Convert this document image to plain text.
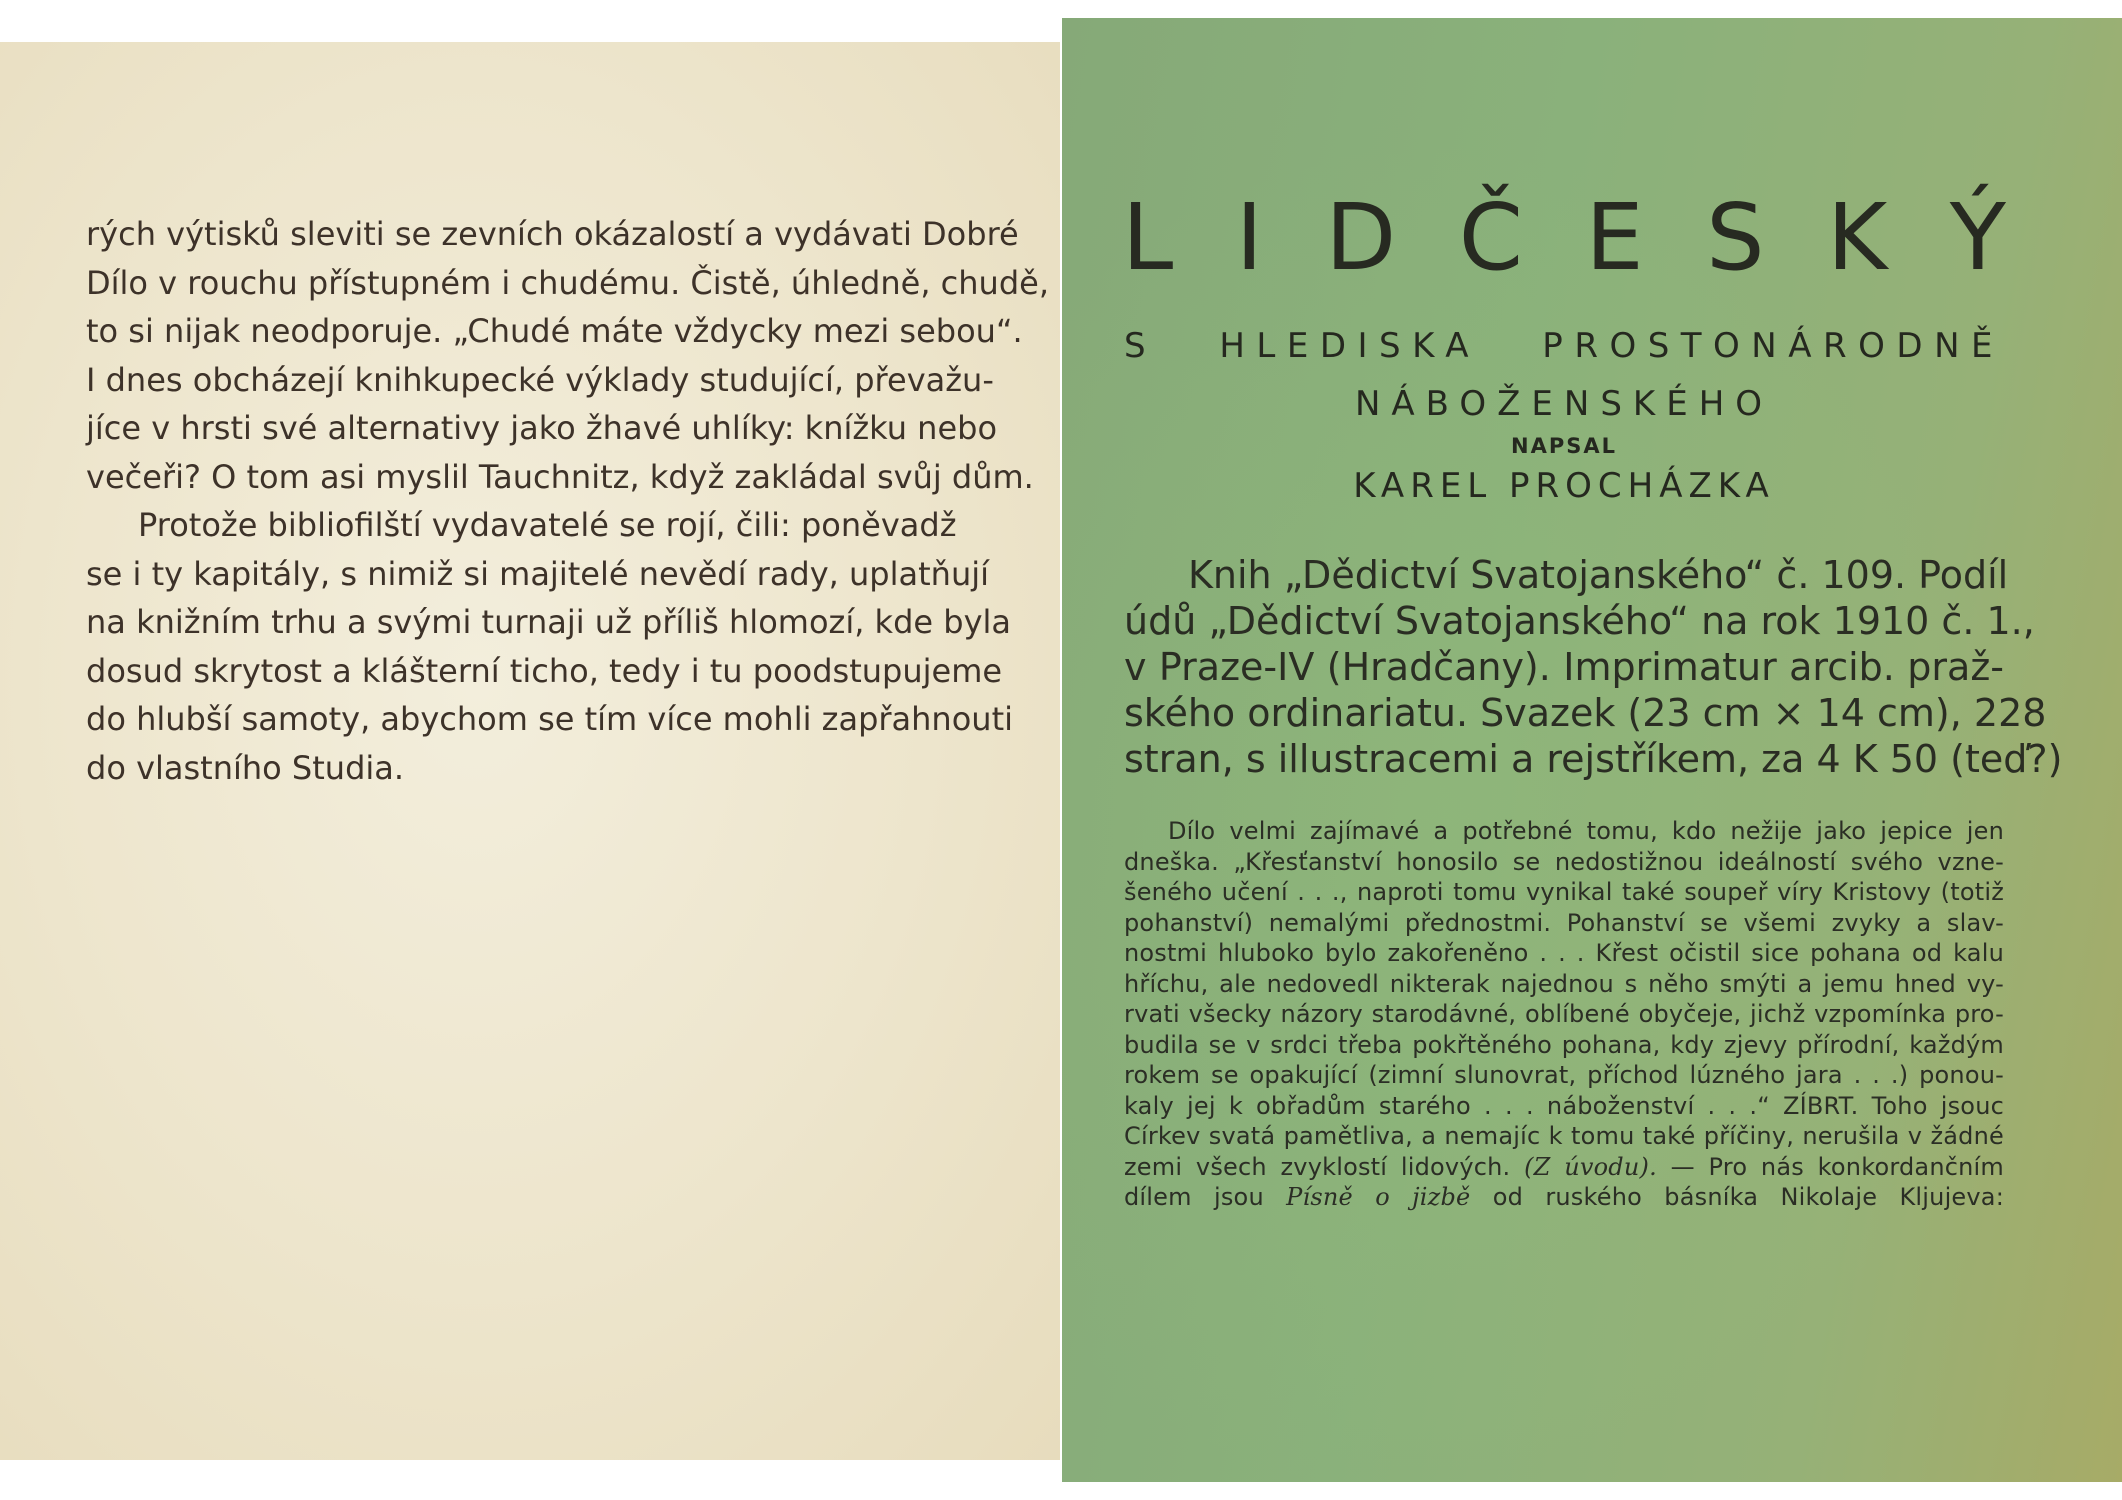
rých výtisků sleviti se zevních okázalostí a vydávati Dobré
Dílo v rouchu přístupném i chudému. Čistě, úhledně, chudě,
to si nijak neodporuje. „Chudé máte vždycky mezi sebou“.
I dnes obcházejí knihkupecké výklady studující, převažu-
jíce v hrsti své alternativy jako žhavé uhlíky: knížku nebo
večeři? O tom asi myslil Tauchnitz, když zakládal svůj dům.
Protože bibliofilští vydavatelé se rojí, čili: poněvadž
se i ty kapitály, s nimiž si majitelé nevědí rady, uplatňují
na knižním trhu a svými turnaji už příliš hlomozí, kde byla
dosud skrytost a klášterní ticho, tedy i tu poodstupujeme
do hlubší samoty, abychom se tím více mohli zapřahnouti
do vlastního Studia.
L I D Č E S K Ý
S HLEDISKA PROSTONÁRODNĚ
NÁBOŽENSKÉHO
NAPSAL
KAREL PROCHÁZKA
Knih „Dědictví Svatojanského“ č. 109. Podíl
údů „Dědictví Svatojanského“ na rok 1910 č. 1.,
v Praze-IV (Hradčany). Imprimatur arcib. praž-
ského ordinariatu. Svazek (23 cm × 14 cm), 228
stran, s illustracemi a rejstříkem, za 4 K 50 (teď?)
Dílo velmi zajímavé a potřebné tomu, kdo nežije jako jepice jen
dneška. „Křesťanství honosilo se nedostižnou ideálností svého vzne-
šeného učení . . ., naproti tomu vynikal také soupeř víry Kristovy (totiž
pohanství) nemalými přednostmi. Pohanství se všemi zvyky a slav-
nostmi hluboko bylo zakořeněno . . . Křest očistil sice pohana od kalu
hříchu, ale nedovedl nikterak najednou s něho smýti a jemu hned vy-
rvati všecky názory starodávné, oblíbené obyčeje, jichž vzpomínka pro-
budila se v srdci třeba pokřtěného pohana, kdy zjevy přírodní, každým
rokem se opakující (zimní slunovrat, příchod lúzného jara . . .) ponou-
kaly jej k obřadům starého . . . náboženství . . .“ ZÍBRT. Toho jsouc
Církev svatá pamětliva, a nemajíc k tomu také příčiny, nerušila v žádné
zemi všech zvyklostí lidových. (Z úvodu). — Pro nás konkordančním
dílem jsou Písně o jizbě od ruského básníka Nikolaje Kljujeva:
